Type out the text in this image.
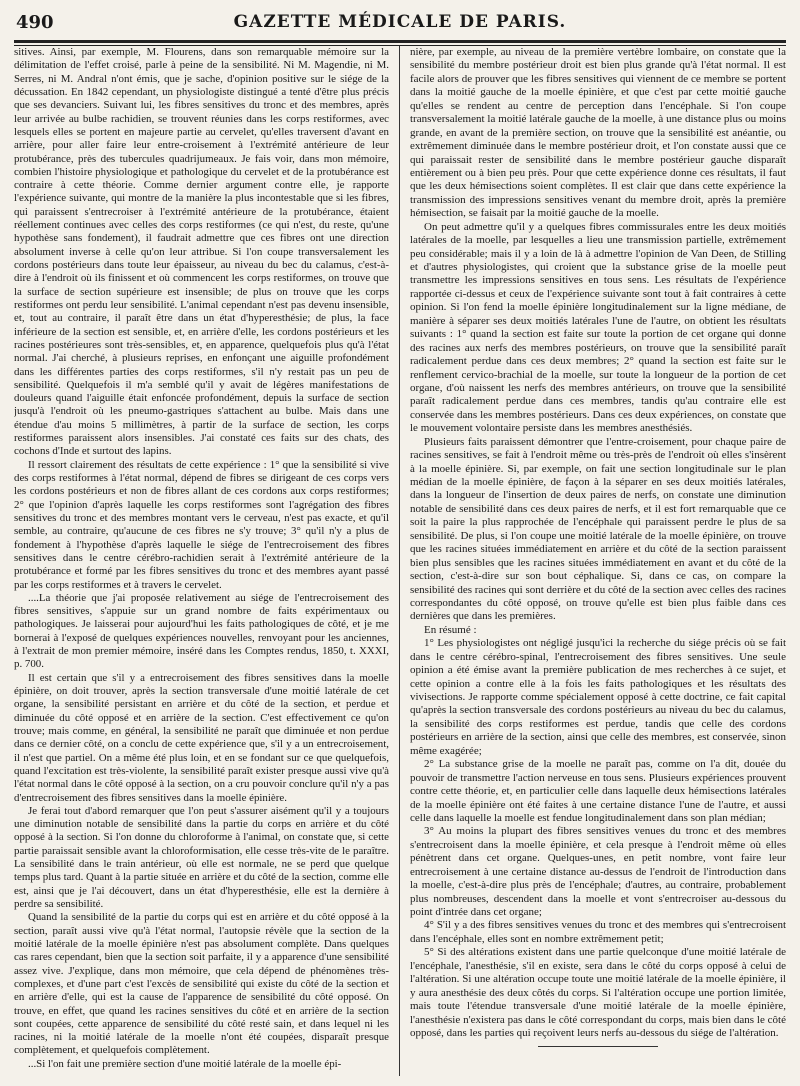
490	GAZETTE MÉDICALE DE PARIS.

sitives. Ainsi, par exemple, M. Flourens, dans son remarquable mémoire sur la délimitation de l'effet croisé, parle à peine de la sensibilité. Ni M. Magendie, ni M. Serres, ni M. Andral n'ont émis, que je sache, d'opinion positive sur le siége de la décussation. En 1842 cependant, un physiologiste distingué a tenté d'être plus précis que ses devanciers. Suivant lui, les fibres sensitives du tronc et des membres, après leur arrivée au bulbe rachidien, se trouvent réunies dans les corps restiformes, avec lesquels elles se portent en majeure partie au cervelet, qu'elles traversent d'avant en arrière, pour aller faire leur entre-croisement à l'extrémité antérieure de leur protubérance, près des tubercules quadrijumeaux. Je fais voir, dans mon mémoire, combien l'histoire physiologique et pathologique du cervelet et de la protubérance est contraire à cette théorie. Comme dernier argument contre elle, je rapporte l'expérience suivante, qui montre de la manière la plus incontestable que si les fibres, qui paraissent s'entrecroiser à l'extrémité antérieure de la protubérance, étaient réellement continues avec celles des corps restiformes (ce qui n'est, du reste, qu'une hypothèse sans fondement), il faudrait admettre que ces fibres ont une direction absolument inverse à celle qu'on leur attribue. Si l'on coupe transversalement les cordons postérieurs dans toute leur épaisseur, au niveau du bec du calamus, c'est-à-dire à l'endroit où ils finissent et où commencent les corps restiformes, on trouve que la surface de section supérieure est insensible; de plus on trouve que les corps restiformes ont perdu leur sensibilité. L'animal cependant n'est pas devenu insensible, et, tout au contraire, il paraît être dans un état d'hyperesthésie; de plus, la face inférieure de la section est sensible, et, en arrière d'elle, les cordons postérieurs et les racines postérieures sont très-sensibles, et, en apparence, quelquefois plus qu'à l'état normal. J'ai cherché, à plusieurs reprises, en enfonçant une aiguille profondément dans les différentes parties des corps restiformes, s'il n'y restait pas un peu de sensibilité. Quelquefois il m'a semblé qu'il y avait de légères manifestations de douleurs quand l'aiguille était enfoncée profondément, depuis la surface de section jusqu'à l'endroit où les pneumo-gastriques s'attachent au bulbe. Mais dans une étendue d'au moins 5 millimètres, à partir de la surface de section, les corps restiformes paraissent alors insensibles. J'ai constaté ces faits sur des chats, des cochons d'Inde et surtout des lapins.

Il ressort clairement des résultats de cette expérience : 1° que la sensibilité si vive des corps restiformes à l'état normal, dépend de fibres se dirigeant de ces corps vers les cordons postérieurs et non de fibres allant de ces cordons aux corps restiformes; 2° que l'opinion d'après laquelle les corps restiformes sont l'agrégation des fibres sensitives du tronc et des membres montant vers le cerveau, n'est pas exacte, et qu'il semble, au contraire, qu'aucune de ces fibres ne s'y trouve; 3° qu'il n'y a plus de fondement à l'hypothèse d'après laquelle le siége de l'entrecroisement des fibres sensitives dans le centre cérébro-rachidien serait à l'extrémité antérieure de la protubérance et formé par les fibres sensitives du tronc et des membres ayant passé par les corps restiformes et à travers le cervelet.

....La théorie que j'ai proposée relativement au siége de l'entrecroisement des fibres sensitives, s'appuie sur un grand nombre de faits expérimentaux ou pathologiques. Je laisserai pour aujourd'hui les faits pathologiques de côté, et je me bornerai à l'exposé de quelques expériences nouvelles, renvoyant pour les anciennes, à l'extrait de mon premier mémoire, inséré dans les Comptes rendus, 1850, t. XXXI, p. 700.

Il est certain que s'il y a entrecroisement des fibres sensitives dans la moelle épinière, on doit trouver, après la section transversale d'une moitié latérale de cet organe, la sensibilité persistant en arrière et du côté de la section, et perdue et diminuée du côté opposé et en arrière de la section. C'est effectivement ce qu'on trouve; mais comme, en général, la sensibilité ne paraît que diminuée et non perdue dans ce dernier côté, on a conclu de cette expérience que, s'il y a un entrecroisement, il n'est que partiel. On a même été plus loin, et en se fondant sur ce que quelquefois, quand l'excitation est très-violente, la sensibilité paraît exister presque aussi vive qu'à l'état normal dans le côté opposé à la section, on a cru pouvoir conclure qu'il n'y a pas d'entrecroisement des fibres sensitives dans la moelle épinière.

Je ferai tout d'abord remarquer que l'on peut s'assurer aisément qu'il y a toujours une diminution notable de sensibilité dans la partie du corps en arrière et du côté opposé à la section. Si l'on donne du chloroforme à l'animal, on constate que, si cette partie paraissait sensible avant la chloroformisation, elle cesse très-vite de le paraître. La sensibilité dans le train antérieur, où elle est normale, ne se perd que quelque temps plus tard. Quant à la partie située en arrière et du côté de la section, comme elle est, ainsi que je l'ai découvert, dans un état d'hyperesthésie, elle est la dernière à perdre sa sensibilité.

Quand la sensibilité de la partie du corps qui est en arrière et du côté opposé à la section, paraît aussi vive qu'à l'état normal, l'autopsie révèle que la section de la moitié latérale de la moelle épinière n'est pas absolument complète. Dans quelques cas rares cependant, bien que la section soit parfaite, il y a apparence d'une sensibilité assez vive. J'explique, dans mon mémoire, que cela dépend de phénomènes très-complexes, et d'une part c'est l'excès de sensibilité qui existe du côté de la section et en arrière d'elle, qui est la cause de l'apparence de sensibilité du côté opposé. On trouve, en effet, que quand les racines sensitives du côté et en arrière de la section sont coupées, cette apparence de sensibilité du côté resté sain, et dans lequel ni les racines, ni la moitié latérale de la moelle n'ont été coupées, disparaît presque complètement, et quelquefois complètement.

...Si l'on fait une première section d'une moitié latérale de la moelle épi-

nière, par exemple, au niveau de la première vertèbre lombaire, on constate que la sensibilité du membre postérieur droit est bien plus grande qu'à l'état normal. Il est facile alors de prouver que les fibres sensitives qui viennent de ce membre se portent dans la moitié gauche de la moelle épinière, et que c'est par cette moitié gauche qu'elles se rendent au centre de perception dans l'encéphale. Si l'on coupe transversalement la moitié latérale gauche de la moelle, à une distance plus ou moins grande, en avant de la première section, on trouve que la sensibilité est anéantie, ou extrêmement diminuée dans le membre postérieur droit, et l'on constate aussi que ce qui paraissait rester de sensibilité dans le membre postérieur gauche disparaît entièrement ou à bien peu près. Pour que cette expérience donne ces résultats, il faut que les deux hémisections soient complètes. Il est clair que dans cette expérience la transmission des impressions sensitives venant du membre droit, après la première hémisection, se faisait par la moitié gauche de la moelle.

On peut admettre qu'il y a quelques fibres commissurales entre les deux moitiés latérales de la moelle, par lesquelles a lieu une transmission partielle, extrêmement peu considérable; mais il y a loin de là à admettre l'opinion de Van Deen, de Stilling et d'autres physiologistes, qui croient que la substance grise de la moelle peut transmettre les impressions sensitives en tous sens. Les résultats de l'expérience rapportée ci-dessus et ceux de l'expérience suivante sont tout à fait contraires à cette opinion. Si l'on fend la moelle épinière longitudinalement sur la ligne médiane, de manière à séparer ses deux moitiés latérales l'une de l'autre, on obtient les résultats suivants : 1° quand la section est faite sur toute la portion de cet organe qui donne des racines aux nerfs des membres postérieurs, on trouve que la sensibilité paraît radicalement perdue dans ces deux membres; 2° quand la section est faite sur le renflement cervico-brachial de la moelle, sur toute la longueur de la portion de cet organe, d'où naissent les nerfs des membres antérieurs, on trouve que la sensibilité paraît radicalement perdue dans ces membres, tandis qu'au contraire elle est conservée dans les membres postérieurs. Dans ces deux expériences, on constate que le mouvement volontaire persiste dans les membres anesthésiés.

Plusieurs faits paraissent démontrer que l'entre-croisement, pour chaque paire de racines sensitives, se fait à l'endroit même ou très-près de l'endroit où elles s'insèrent à la moelle épinière. Si, par exemple, on fait une section longitudinale sur le plan médian de la moelle épinière, de façon à la séparer en ses deux moitiés latérales, dans la longueur de l'insertion de deux paires de nerfs, on constate une diminution notable de sensibilité dans ces deux paires de nerfs, et il est fort remarquable que ce soit la paire la plus rapprochée de l'encéphale qui paraissent perdre le plus de sa sensibilité. De plus, si l'on coupe une moitié latérale de la moelle épinière, on trouve que les racines situées immédiatement en arrière et du côté de la section paraissent bien plus sensibles que les racines situées immédiatement en avant et du côté de la section, c'est-à-dire sur son bout céphalique. Si, dans ce cas, on compare la sensibilité des racines qui sont derrière et du côté de la section avec celles des racines correspondantes du côté opposé, on trouve qu'elle est bien plus faible dans ces dernières que dans les premières.

En résumé :

1° Les physiologistes ont négligé jusqu'ici la recherche du siége précis où se fait dans le centre cérébro-spinal, l'entrecroisement des fibres sensitives. Une seule opinion a été émise avant la première publication de mes recherches à ce sujet, et cette opinion a contre elle à la fois les faits pathologiques et les résultats des vivisections. Je rapporte comme spécialement opposé à cette doctrine, ce fait capital qu'après la section transversale des cordons postérieurs au niveau du bec du calamus, la sensibilité des corps restiformes est perdue, tandis que celle des cordons postérieurs en arrière de la section, ainsi que celle des membres, est conservée, sinon même exagérée;

2° La substance grise de la moelle ne paraît pas, comme on l'a dit, douée du pouvoir de transmettre l'action nerveuse en tous sens. Plusieurs expériences prouvent contre cette théorie, et, en particulier celle dans laquelle deux hémisections latérales de la moelle épinière ont été faites à une certaine distance l'une de l'autre, et aussi celle dans laquelle la moelle est fendue longitudinalement dans son plan médian;

3° Au moins la plupart des fibres sensitives venues du tronc et des membres s'entrecroisent dans la moelle épinière, et cela presque à l'endroit même où elles pénètrent dans cet organe. Quelques-unes, en petit nombre, vont faire leur entrecroisement à une certaine distance au-dessus de l'endroit de l'introduction dans la moelle, c'est-à-dire plus près de l'encéphale; d'autres, au contraire, probablement plus nombreuses, descendent dans la moelle et vont s'entrecroiser au-dessous du point d'intrée dans cet organe;

4° S'il y a des fibres sensitives venues du tronc et des membres qui s'entrecroisent dans l'encéphale, elles sont en nombre extrêmement petit;

5° Si des altérations existent dans une partie quelconque d'une moitié latérale de l'encéphale, l'anesthésie, s'il en existe, sera dans le côté du corps opposé à celui de l'altération. Si une altération occupe toute une moitié latérale de la moelle épinière, il y aura anesthésie des deux côtés du corps. Si l'altération occupe une portion limitée, mais toute l'étendue transversale d'une moitié latérale de la moelle épinière, l'anesthésie n'existera pas dans le côté correspondant du corps, mais bien dans le côté opposé, dans les parties qui reçoivent leurs nerfs au-dessous du siége de l'altération.
